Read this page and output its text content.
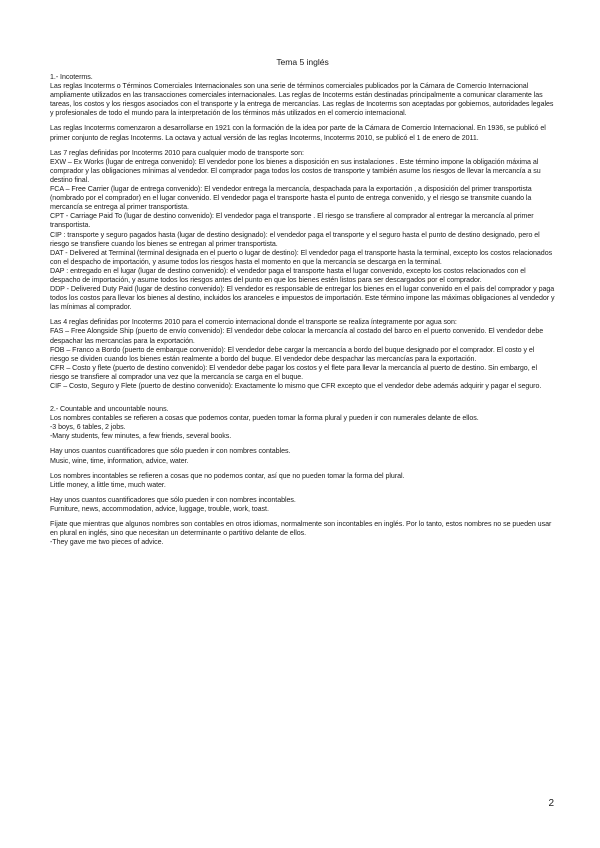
Tema 5 inglés

1.- Incoterms.

Las reglas Incoterms o Términos Comerciales Internacionales son una serie de términos comerciales publicados por la Cámara de Comercio Internacional ampliamente utilizados en las transacciones comerciales internacionales. Las reglas de Incoterms están destinadas principalmente a comunicar claramente las tareas, los costos y los riesgos asociados con el transporte y la entrega de mercancías. Las reglas de Incoterms son aceptadas por gobiernos, autoridades legales y profesionales de todo el mundo para la interpretación de los términos más utilizados en el comercio internacional.

Las reglas Incoterms comenzaron a desarrollarse en 1921 con la formación de la idea por parte de la Cámara de Comercio Internacional. En 1936, se publicó el primer conjunto de reglas Incoterms. La octava y actual versión de las reglas Incoterms, Incoterms 2010, se publicó el 1 de enero de 2011.

Las 7 reglas definidas por Incoterms 2010 para cualquier modo de transporte son:

EXW – Ex Works (lugar de entrega convenido): El vendedor pone los bienes a disposición en sus instalaciones . Este término impone la obligación máxima al comprador y las obligaciones mínimas al vendedor. El comprador paga todos los costos de transporte y también asume los riesgos de llevar la mercancía a su destino final.

FCA – Free Carrier (lugar de entrega convenido): El vendedor entrega la mercancía, despachada para la exportación , a disposición del primer transportista (nombrado por el comprador) en el lugar convenido. El vendedor paga el transporte hasta el punto de entrega convenido, y el riesgo se transmite cuando la mercancía se entrega al primer transportista.

CPT - Carriage Paid To (lugar de destino convenido): El vendedor paga el transporte . El riesgo se transfiere al comprador al entregar la mercancía al primer transportista.

CIP : transporte y seguro pagados hasta (lugar de destino designado): el vendedor paga el transporte y el seguro hasta el punto de destino designado, pero el riesgo se transfiere cuando los bienes se entregan al primer transportista.

DAT - Delivered at Terminal (terminal designada en el puerto o lugar de destino): El vendedor paga el transporte hasta la terminal, excepto los costos relacionados con el despacho de importación, y asume todos los riesgos hasta el momento en que la mercancía se descarga en la terminal.

DAP : entregado en el lugar (lugar de destino convenido): el vendedor paga el transporte hasta el lugar convenido, excepto los costos relacionados con el despacho de importación, y asume todos los riesgos antes del punto en que los bienes estén listos para ser descargados por el comprador.

DDP - Delivered Duty Paid (lugar de destino convenido): El vendedor es responsable de entregar los bienes en el lugar convenido en el país del comprador y paga todos los costos para llevar los bienes al destino, incluidos los aranceles e impuestos de importación. Este término impone las máximas obligaciones al vendedor y las mínimas al comprador.

Las 4 reglas definidas por Incoterms 2010 para el comercio internacional donde el transporte se realiza íntegramente por agua son:

FAS – Free Alongside Ship (puerto de envío convenido): El vendedor debe colocar la mercancía al costado del barco en el puerto convenido. El vendedor debe despachar las mercancías para la exportación.

FOB – Franco a Bordo (puerto de embarque convenido): El vendedor debe cargar la mercancía a bordo del buque designado por el comprador. El costo y el riesgo se dividen cuando los bienes están realmente a bordo del buque. El vendedor debe despachar las mercancías para la exportación.

CFR – Costo y flete (puerto de destino convenido): El vendedor debe pagar los costos y el flete para llevar la mercancía al puerto de destino. Sin embargo, el riesgo se transfiere al comprador una vez que la mercancía se carga en el buque.

CIF – Costo, Seguro y Flete (puerto de destino convenido): Exactamente lo mismo que CFR excepto que el vendedor debe además adquirir y pagar el seguro.

2.- Countable and uncountable nouns.

Los nombres contables se refieren a cosas que podemos contar, pueden tomar la forma plural y pueden ir con numerales delante de ellos.

-3 boys, 6 tables, 2 jobs.

-Many students, few minutes, a few friends, several books.

Hay unos cuantos cuantificadores que sólo pueden ir con nombres contables.

Music, wine, time, information, advice, water.

Los nombres incontables se refieren a cosas que no podemos contar, así que no pueden tomar la forma del plural.

Little money, a little time, much water.

Hay unos cuantos cuantificadores que sólo pueden ir con nombres incontables.

Furniture, news, accommodation, advice, luggage, trouble, work, toast.

Fíjate que mientras que algunos nombres son contables en otros idiomas, normalmente son incontables en inglés. Por lo tanto, estos nombres no se pueden usar en plural en inglés, sino que necesitan un determinante o partitivo delante de ellos.

-They gave me two pieces of advice.

2
